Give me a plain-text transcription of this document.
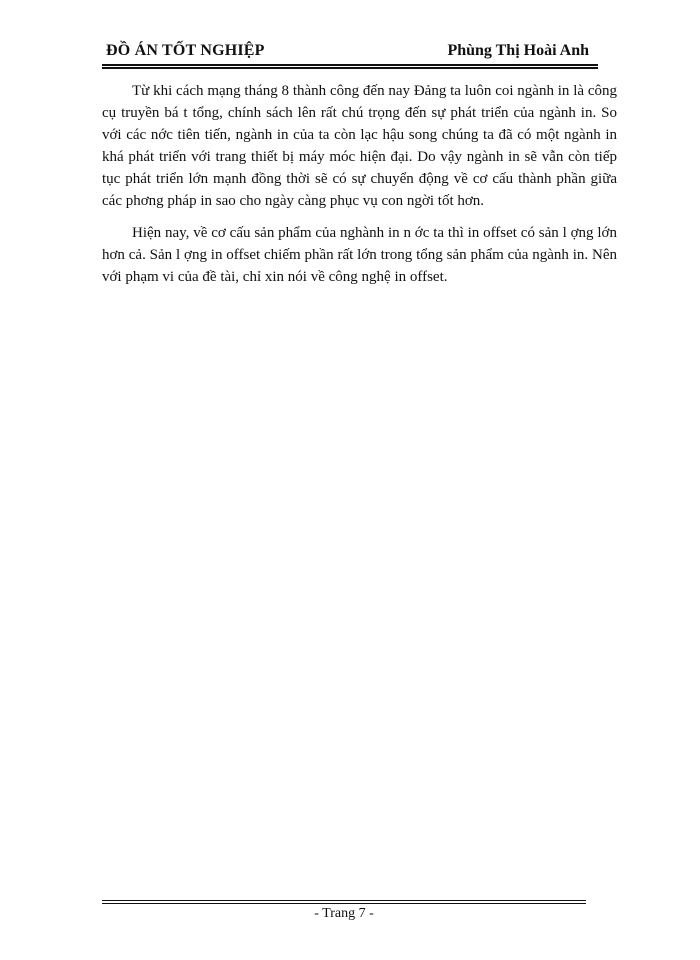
ĐỒ ÁN TỐT NGHIỆP	Phùng Thị Hoài Anh

Từ khi cách mạng tháng 8 thành công đến nay Đảng ta luôn coi ngành in là công cụ truyền bá t tổng, chính sách lên rất chú trọng đến sự phát triển của ngành in. So với các nớc tiên tiến, ngành in của ta còn lạc hậu song chúng ta đã có một ngành in khá phát triển với trang thiết bị máy móc hiện đại. Do vậy ngành in sẽ vẫn còn tiếp tục phát triển lớn mạnh đồng thời sẽ có sự chuyển động về cơ cấu thành phần giữa các phơng pháp in sao cho ngày càng phục vụ con ngời tốt hơn.

Hiện nay, về cơ cấu sản phẩm của nghành in n ớc ta thì in offset có sản l ợng lớn hơn cả. Sản l ợng in offset chiếm phần rất lớn trong tổng sản phẩm của ngành in. Nên với phạm vi của đề tài, chỉ xin nói về công nghệ in offset.

- Trang 7 -
